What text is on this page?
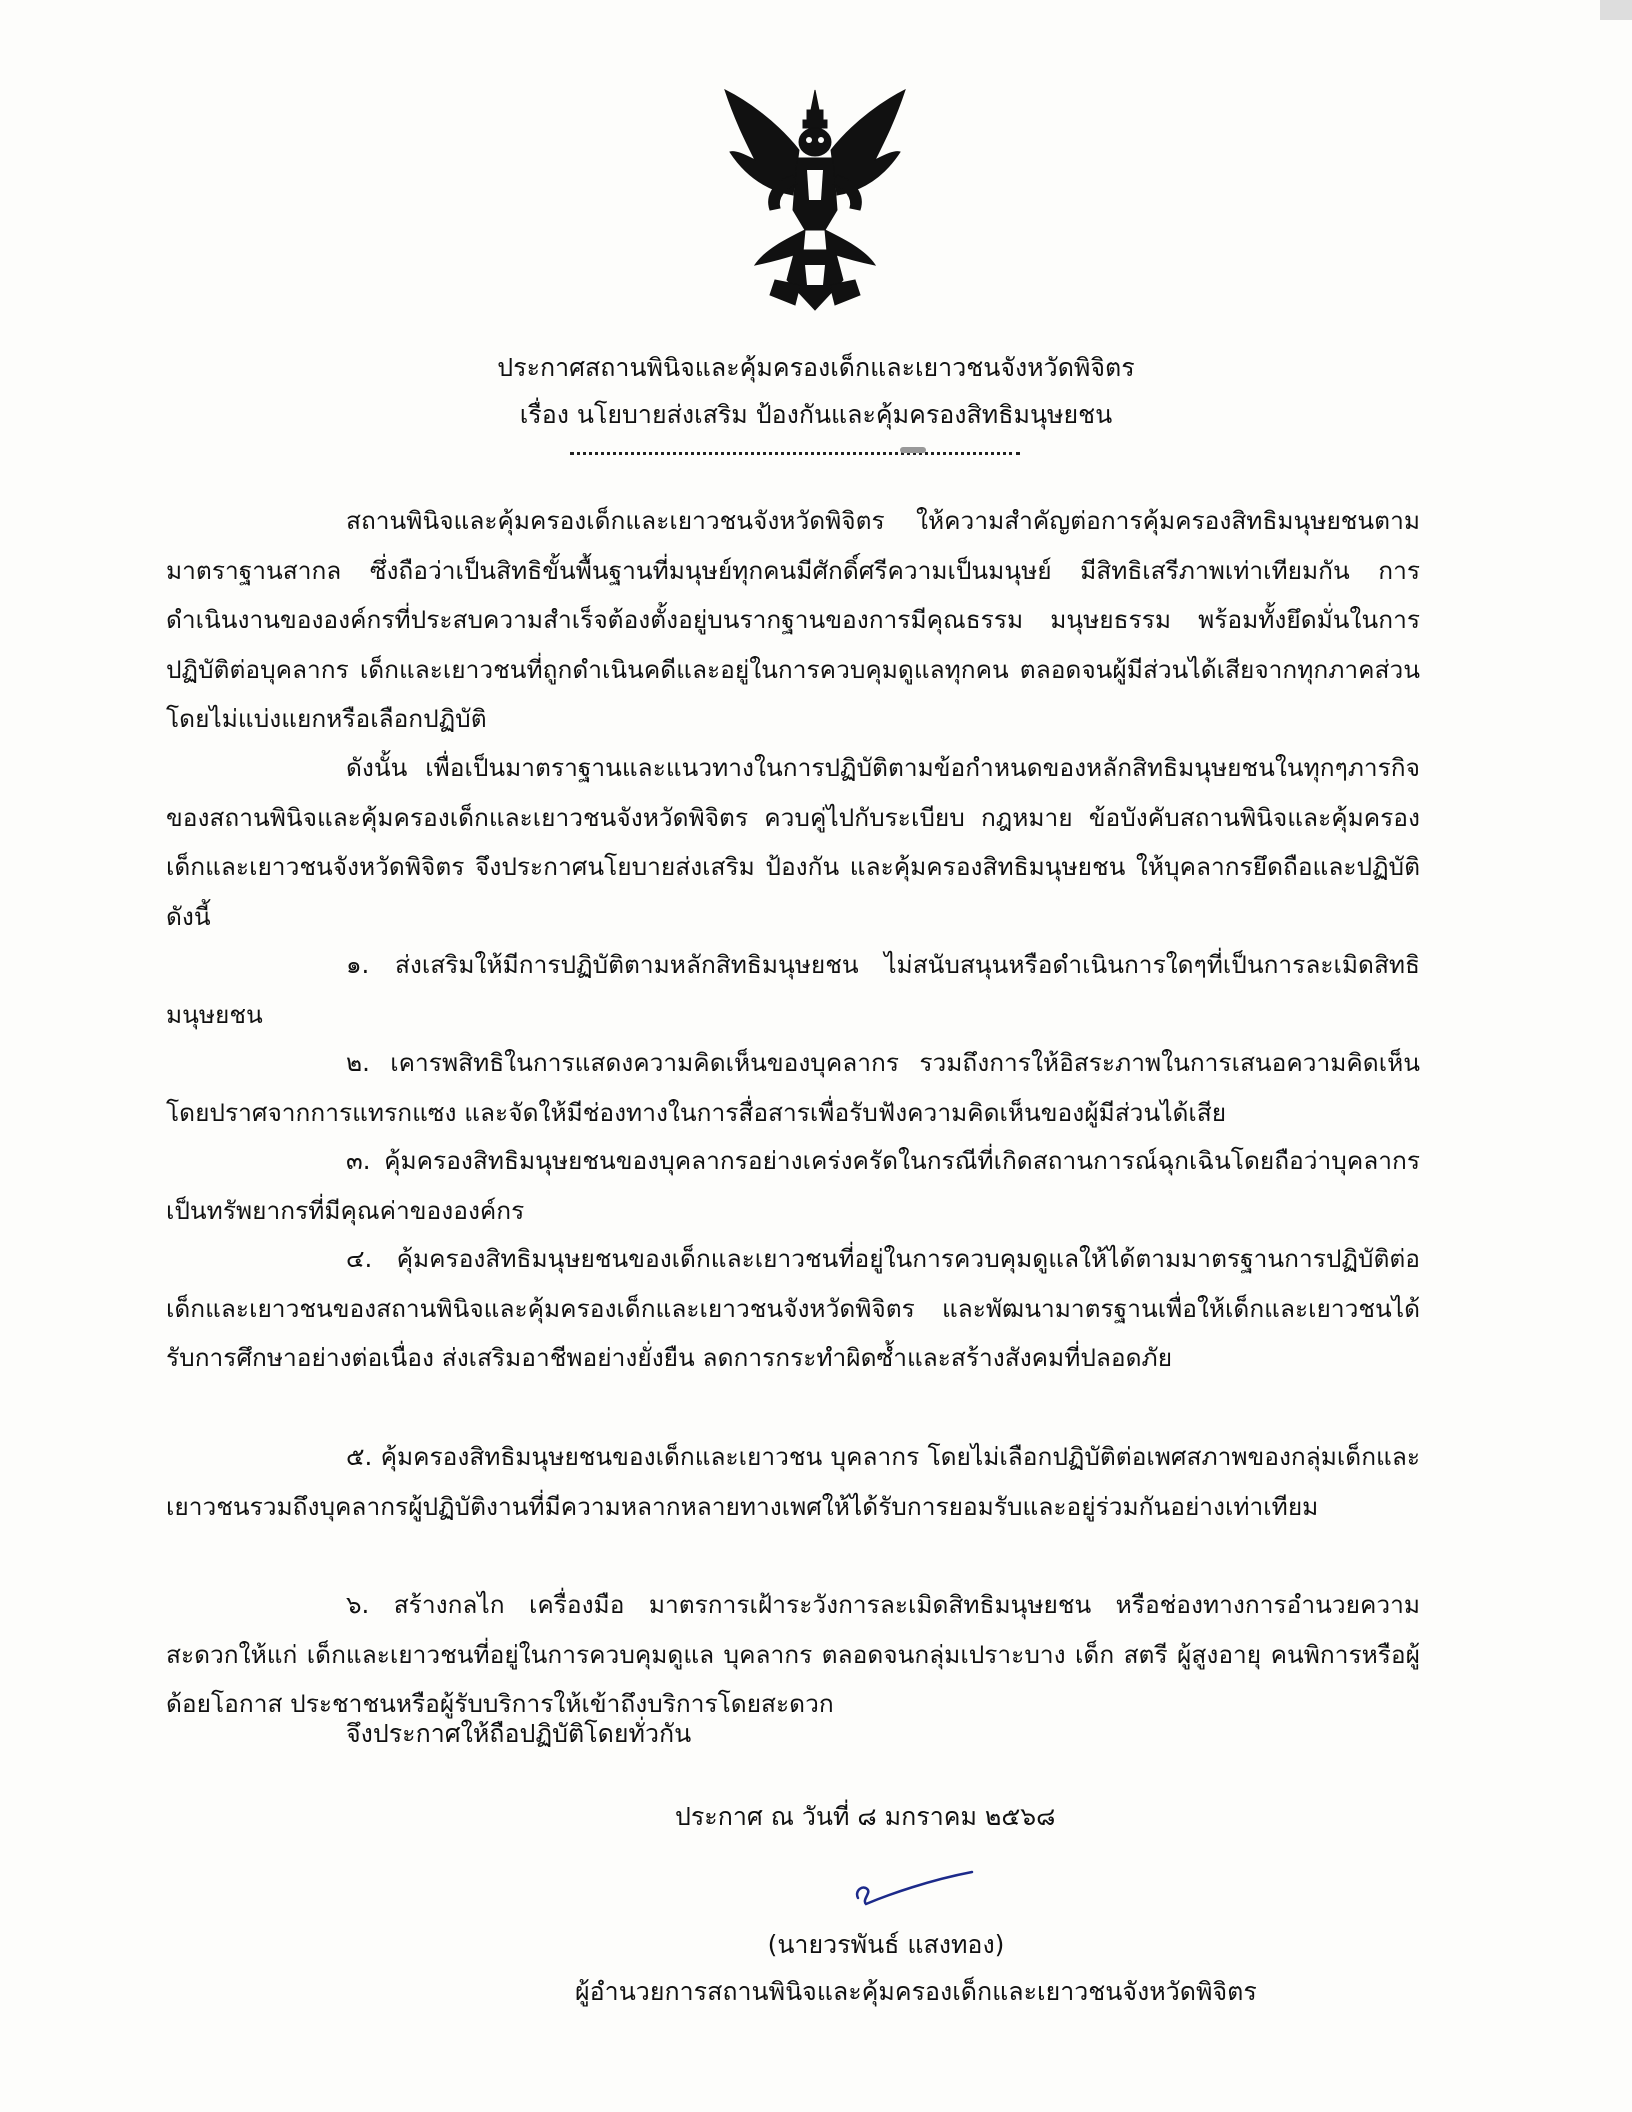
ประกาศสถานพินิจและคุ้มครองเด็กและเยาวชนจังหวัดพิจิตร
เรื่อง นโยบายส่งเสริม ป้องกันและคุ้มครองสิทธิมนุษยชน
สถานพินิจและคุ้มครองเด็กและเยาวชนจังหวัดพิจิตร ให้ความสำคัญต่อการคุ้มครองสิทธิมนุษยชนตามมาตราฐานสากล ซึ่งถือว่าเป็นสิทธิขั้นพื้นฐานที่มนุษย์ทุกคนมีศักดิ์ศรีความเป็นมนุษย์ มีสิทธิเสรีภาพเท่าเทียมกัน การดำเนินงานขององค์กรที่ประสบความสำเร็จต้องตั้งอยู่บนรากฐานของการมีคุณธรรม มนุษยธรรม พร้อมทั้งยึดมั่นในการปฏิบัติต่อบุคลากร เด็กและเยาวชนที่ถูกดำเนินคดีและอยู่ในการควบคุมดูแลทุกคน ตลอดจนผู้มีส่วนได้เสียจากทุกภาคส่วน โดยไม่แบ่งแยกหรือเลือกปฏิบัติ
ดังนั้น เพื่อเป็นมาตราฐานและแนวทางในการปฏิบัติตามข้อกำหนดของหลักสิทธิมนุษยชนในทุกๆภารกิจของสถานพินิจและคุ้มครองเด็กและเยาวชนจังหวัดพิจิตร ควบคู่ไปกับระเบียบ กฎหมาย ข้อบังคับสถานพินิจและคุ้มครองเด็กและเยาวชนจังหวัดพิจิตร จึงประกาศนโยบายส่งเสริม ป้องกัน และคุ้มครองสิทธิมนุษยชน ให้บุคลากรยึดถือและปฏิบัติ ดังนี้
๑. ส่งเสริมให้มีการปฏิบัติตามหลักสิทธิมนุษยชน ไม่สนับสนุนหรือดำเนินการใดๆที่เป็นการละเมิดสิทธิมนุษยชน
๒. เคารพสิทธิในการแสดงความคิดเห็นของบุคลากร รวมถึงการให้อิสระภาพในการเสนอความคิดเห็นโดยปราศจากการแทรกแซง และจัดให้มีช่องทางในการสื่อสารเพื่อรับฟังความคิดเห็นของผู้มีส่วนได้เสีย
๓. คุ้มครองสิทธิมนุษยชนของบุคลากรอย่างเคร่งครัดในกรณีที่เกิดสถานการณ์ฉุกเฉินโดยถือว่าบุคลากรเป็นทรัพยากรที่มีคุณค่าขององค์กร
๔. คุ้มครองสิทธิมนุษยชนของเด็กและเยาวชนที่อยู่ในการควบคุมดูแลให้ได้ตามมาตรฐานการปฏิบัติต่อเด็กและเยาวชนของสถานพินิจและคุ้มครองเด็กและเยาวชนจังหวัดพิจิตร และพัฒนามาตรฐานเพื่อให้เด็กและเยาวชนได้รับการศึกษาอย่างต่อเนื่อง ส่งเสริมอาชีพอย่างยั่งยืน ลดการกระทำผิดซ้ำและสร้างสังคมที่ปลอดภัย
๕. คุ้มครองสิทธิมนุษยชนของเด็กและเยาวชน บุคลากร โดยไม่เลือกปฏิบัติต่อเพศสภาพของกลุ่มเด็กและเยาวชนรวมถึงบุคลากรผู้ปฏิบัติงานที่มีความหลากหลายทางเพศให้ได้รับการยอมรับและอยู่ร่วมกันอย่างเท่าเทียม
๖. สร้างกลไก เครื่องมือ มาตรการเฝ้าระวังการละเมิดสิทธิมนุษยชน หรือช่องทางการอำนวยความสะดวกให้แก่ เด็กและเยาวชนที่อยู่ในการควบคุมดูแล บุคลากร ตลอดจนกลุ่มเปราะบาง เด็ก สตรี ผู้สูงอายุ คนพิการหรือผู้ด้อยโอกาส ประชาชนหรือผู้รับบริการให้เข้าถึงบริการโดยสะดวก
จึงประกาศให้ถือปฏิบัติโดยทั่วกัน
ประกาศ ณ วันที่ ๘ มกราคม ๒๕๖๘
(นายวรพันธ์ แสงทอง)
ผู้อำนวยการสถานพินิจและคุ้มครองเด็กและเยาวชนจังหวัดพิจิตร
